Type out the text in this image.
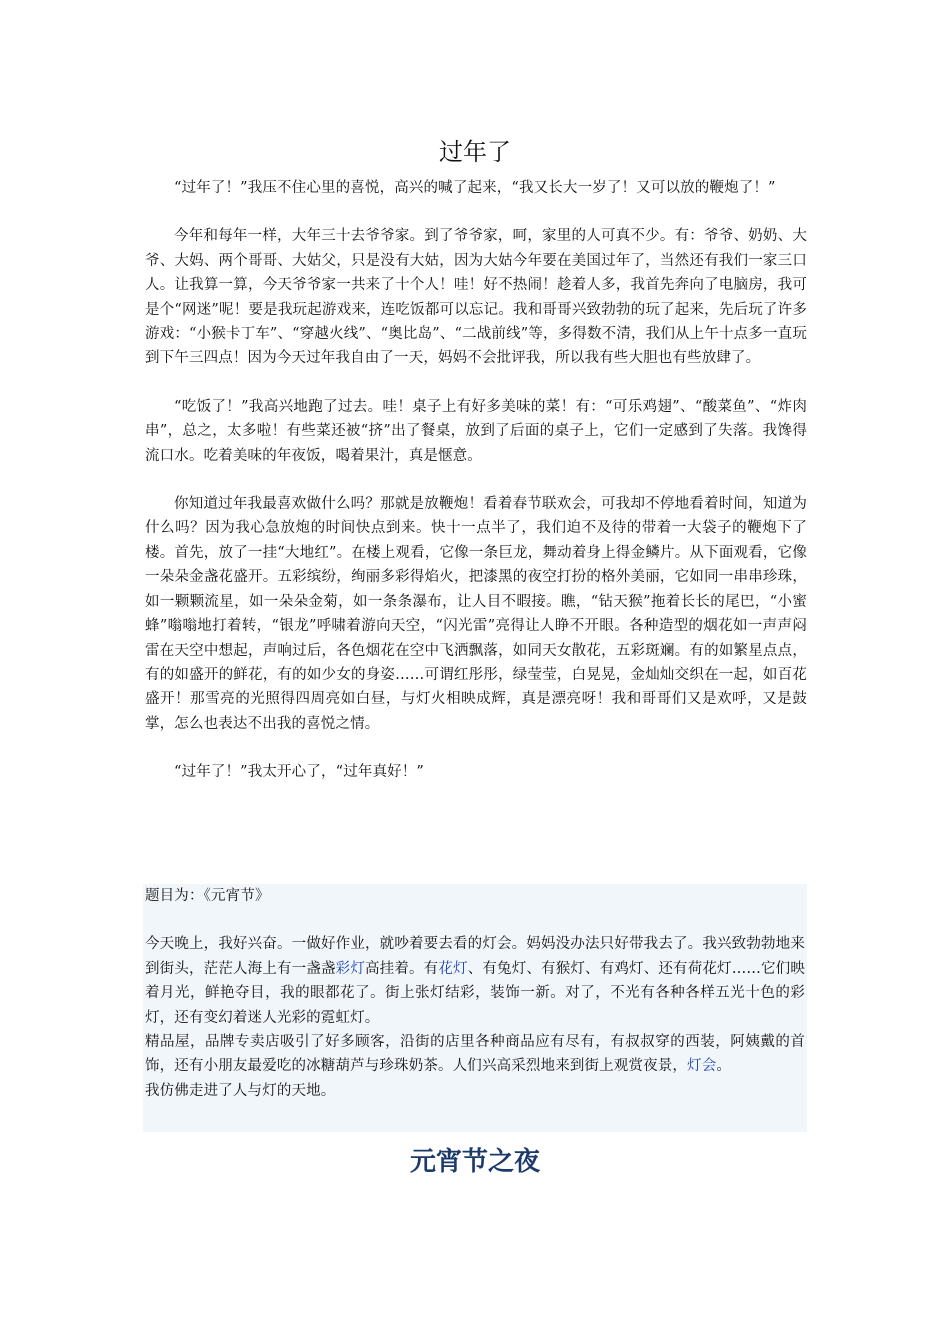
过年了

“过年了！”我压不住心里的喜悦，高兴的喊了起来，“我又长大一岁了！又可以放的鞭炮了！”

今年和每年一样，大年三十去爷爷家。到了爷爷家，呵，家里的人可真不少。有：爷爷、奶奶、大爷、大妈、两个哥哥、大姑父，只是没有大姑，因为大姑今年要在美国过年了，当然还有我们一家三口人。让我算一算，今天爷爷家一共来了十个人！哇！好不热闹！趁着人多，我首先奔向了电脑房，我可是个“网迷”呢！要是我玩起游戏来，连吃饭都可以忘记。我和哥哥兴致勃勃的玩了起来，先后玩了许多游戏：“小猴卡丁车”、“穿越火线”、“奥比岛”、“二战前线”等，多得数不清，我们从上午十点多一直玩到下午三四点！因为今天过年我自由了一天，妈妈不会批评我，所以我有些大胆也有些放肆了。

“吃饭了！”我高兴地跑了过去。哇！桌子上有好多美味的菜！有：“可乐鸡翅”、“酸菜鱼”、“炸肉串”，总之，太多啦！有些菜还被“挤”出了餐桌，放到了后面的桌子上，它们一定感到了失落。我馋得流口水。吃着美味的年夜饭，喝着果汁，真是惬意。

你知道过年我最喜欢做什么吗？那就是放鞭炮！看着春节联欢会，可我却不停地看着时间，知道为什么吗？因为我心急放炮的时间快点到来。快十一点半了，我们迫不及待的带着一大袋子的鞭炮下了楼。首先，放了一挂“大地红”。在楼上观看，它像一条巨龙，舞动着身上得金鳞片。从下面观看，它像一朵朵金盏花盛开。五彩缤纷，绚丽多彩得焰火，把漆黑的夜空打扮的格外美丽，它如同一串串珍珠，如一颗颗流星，如一朵朵金菊，如一条条瀑布，让人目不暇接。瞧，“钻天猴”拖着长长的尾巴，“小蜜蜂”嗡嗡地打着转，“银龙”呼啸着游向天空，“闪光雷”亮得让人睁不开眼。各种造型的烟花如一声声闷雷在天空中想起，声响过后，各色烟花在空中飞洒飘落，如同天女散花，五彩斑斓。有的如繁星点点，有的如盛开的鲜花，有的如少女的身姿……可谓红彤彤，绿莹莹，白晃晃，金灿灿交织在一起，如百花盛开！那雪亮的光照得四周亮如白昼，与灯火相映成辉，真是漂亮呀！我和哥哥们又是欢呼，又是鼓掌，怎么也表达不出我的喜悦之情。

“过年了！”我太开心了，“过年真好！”

题目为：《元宵节》

今天晚上，我好兴奋。一做好作业，就吵着要去看的灯会。妈妈没办法只好带我去了。我兴致勃勃地来到街头，茫茫人海上有一盏盏彩灯高挂着。有花灯、有兔灯、有猴灯、有鸡灯、还有荷花灯……它们映着月光，鲜艳夺目，我的眼都花了。街上张灯结彩，装饰一新。对了，不光有各种各样五光十色的彩灯，还有变幻着迷人光彩的霓虹灯。

精品屋，品牌专卖店吸引了好多顾客，沿街的店里各种商品应有尽有，有叔叔穿的西装，阿姨戴的首饰，还有小朋友最爱吃的冰糖葫芦与珍珠奶茶。人们兴高采烈地来到街上观赏夜景，灯会。

我仿佛走进了人与灯的天地。

元宵节之夜
